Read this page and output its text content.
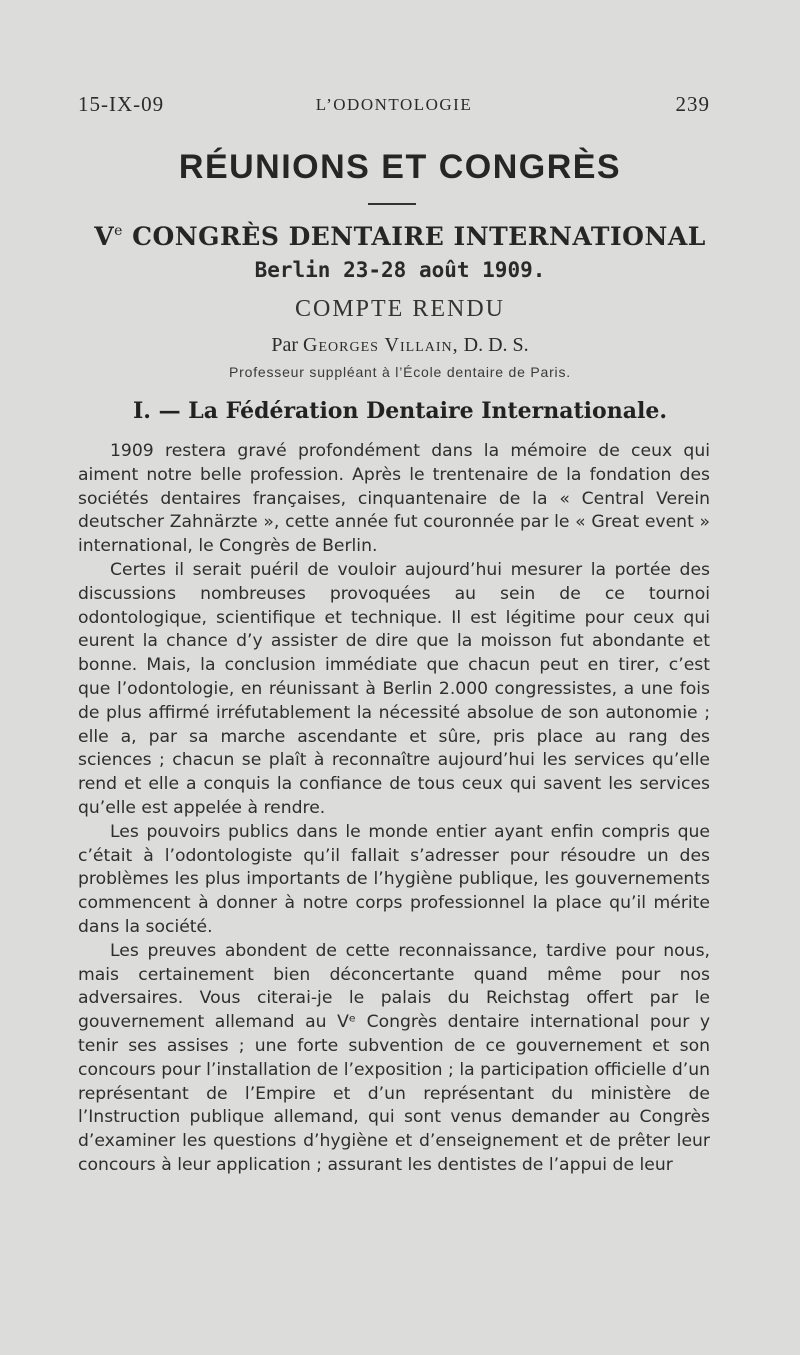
15-IX-09	L’ODONTOLOGIE	239
RÉUNIONS ET CONGRÈS
Ve CONGRÈS DENTAIRE INTERNATIONAL
Berlin 23-28 août 1909.
COMPTE RENDU
Par Georges Villain, D. D. S.
Professeur suppléant à l’École dentaire de Paris.
I. — La Fédération Dentaire Internationale.

1909 restera gravé profondément dans la mémoire de ceux qui aiment notre belle profession. Après le trentenaire de la fondation des sociétés dentaires françaises, cinquantenaire de la « Central Verein deutscher Zahnärzte », cette année fut couronnée par le « Great event » international, le Congrès de Berlin.

Certes il serait puéril de vouloir aujourd’hui mesurer la portée des discussions nombreuses provoquées au sein de ce tournoi odontologique, scientifique et technique. Il est légitime pour ceux qui eurent la chance d’y assister de dire que la moisson fut abondante et bonne. Mais, la conclusion immédiate que chacun peut en tirer, c’est que l’odontologie, en réunissant à Berlin 2.000 congressistes, a une fois de plus affirmé irréfutablement la nécessité absolue de son autonomie ; elle a, par sa marche ascendante et sûre, pris place au rang des sciences ; chacun se plaît à reconnaître aujourd’hui les services qu’elle rend et elle a conquis la confiance de tous ceux qui savent les services qu’elle est appelée à rendre.

Les pouvoirs publics dans le monde entier ayant enfin compris que c’était à l’odontologiste qu’il fallait s’adresser pour résoudre un des problèmes les plus importants de l’hygiène publique, les gouvernements commencent à donner à notre corps professionnel la place qu’il mérite dans la société.

Les preuves abondent de cette reconnaissance, tardive pour nous, mais certainement bien déconcertante quand même pour nos adversaires. Vous citerai-je le palais du Reichstag offert par le gouvernement allemand au Vᵉ Congrès dentaire international pour y tenir ses assises ; une forte subvention de ce gouvernement et son concours pour l’installation de l’exposition ; la participation officielle d’un représentant de l’Empire et d’un représentant du ministère de l’Instruction publique allemand, qui sont venus demander au Congrès d’examiner les questions d’hygiène et d’enseignement et de prêter leur concours à leur application ; assurant les dentistes de l’appui de leur
